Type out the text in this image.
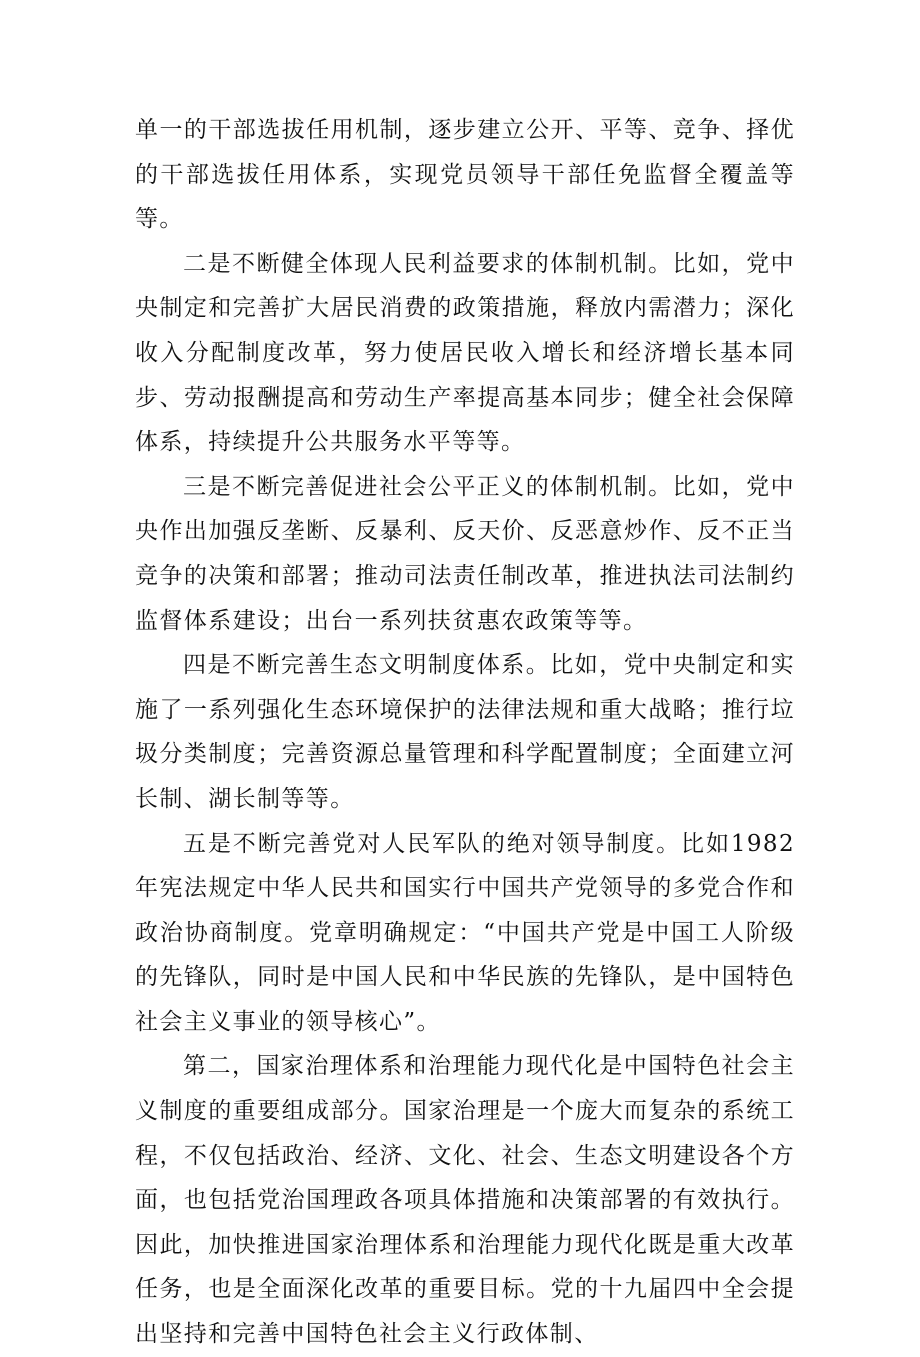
单一的干部选拔任用机制，逐步建立公开、平等、竞争、择优的干部选拔任用体系，实现党员领导干部任免监督全覆盖等等。

二是不断健全体现人民利益要求的体制机制。比如，党中央制定和完善扩大居民消费的政策措施，释放内需潜力；深化收入分配制度改革，努力使居民收入增长和经济增长基本同步、劳动报酬提高和劳动生产率提高基本同步；健全社会保障体系，持续提升公共服务水平等等。

三是不断完善促进社会公平正义的体制机制。比如，党中央作出加强反垄断、反暴利、反天价、反恶意炒作、反不正当竞争的决策和部署；推动司法责任制改革，推进执法司法制约监督体系建设；出台一系列扶贫惠农政策等等。

四是不断完善生态文明制度体系。比如，党中央制定和实施了一系列强化生态环境保护的法律法规和重大战略；推行垃圾分类制度；完善资源总量管理和科学配置制度；全面建立河长制、湖长制等等。

五是不断完善党对人民军队的绝对领导制度。比如1982年宪法规定中华人民共和国实行中国共产党领导的多党合作和政治协商制度。党章明确规定：“中国共产党是中国工人阶级的先锋队，同时是中国人民和中华民族的先锋队，是中国特色社会主义事业的领导核心”。

第二，国家治理体系和治理能力现代化是中国特色社会主义制度的重要组成部分。国家治理是一个庞大而复杂的系统工程，不仅包括政治、经济、文化、社会、生态文明建设各个方面，也包括党治国理政各项具体措施和决策部署的有效执行。因此，加快推进国家治理体系和治理能力现代化既是重大改革任务，也是全面深化改革的重要目标。党的十九届四中全会提出坚持和完善中国特色社会主义行政体制、
